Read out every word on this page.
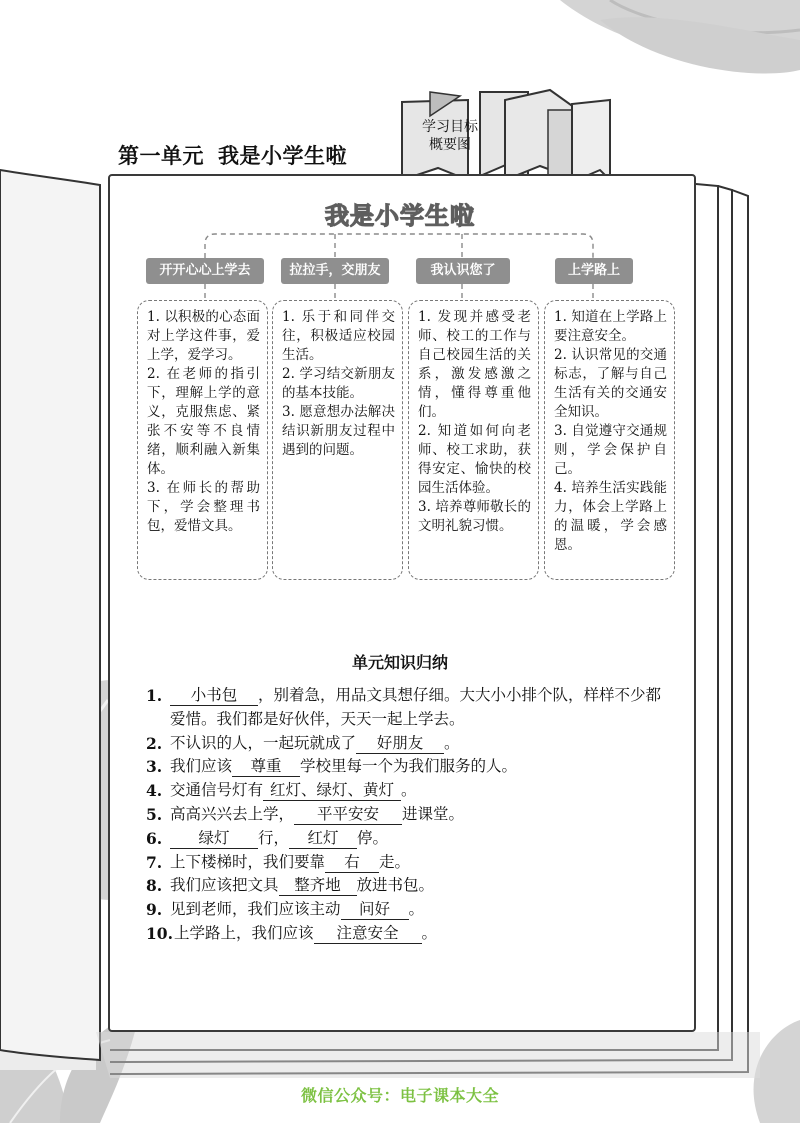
第一单元 我是小学生啦
学习目标
概要图
我是小学生啦
开开心心上学去	拉拉手，交朋友	我认识您了	上学路上

1. 以积极的心态面对上学这件事，爱上学，爱学习。

2. 在老师的指引下，理解上学的意义，克服焦虑、紧张不安等不良情绪，顺利融入新集体。

3. 在师长的帮助下，学会整理书包，爱惜文具。

1. 乐于和同伴交往，积极适应校园生活。

2. 学习结交新朋友的基本技能。

3. 愿意想办法解决结识新朋友过程中遇到的问题。

1. 发现并感受老师、校工的工作与自己校园生活的关系，激发感激之情，懂得尊重他们。

2. 知道如何向老师、校工求助，获得安定、愉快的校园生活体验。

3. 培养尊师敬长的文明礼貌习惯。

1. 知道在上学路上要注意安全。

2. 认识常见的交通标志，了解与自己生活有关的交通安全知识。

3. 自觉遵守交通规则，学会保护自己。

4. 培养生活实践能力，体会上学路上的温暖，学会感恩。

单元知识归纳
1. 小书包 ，别着急，用品文具想仔细。大大小小排个队，样样不少都爱惜。我们都是好伙伴，天天一起上学去。
2. 不认识的人，一起玩就成了 好朋友 。
3. 我们应该 尊重 学校里每一个为我们服务的人。
4. 交通信号灯有 红灯、绿灯、黄灯 。
5. 高高兴兴去上学， 平平安安 进课堂。
6. 绿灯 行， 红灯 停。
7. 上下楼梯时，我们要靠 右 走。
8. 我们应该把文具 整齐地 放进书包。
9. 见到老师，我们应该主动 问好 。
10. 上学路上，我们应该 注意安全 。
微信公众号：电子课本大全
